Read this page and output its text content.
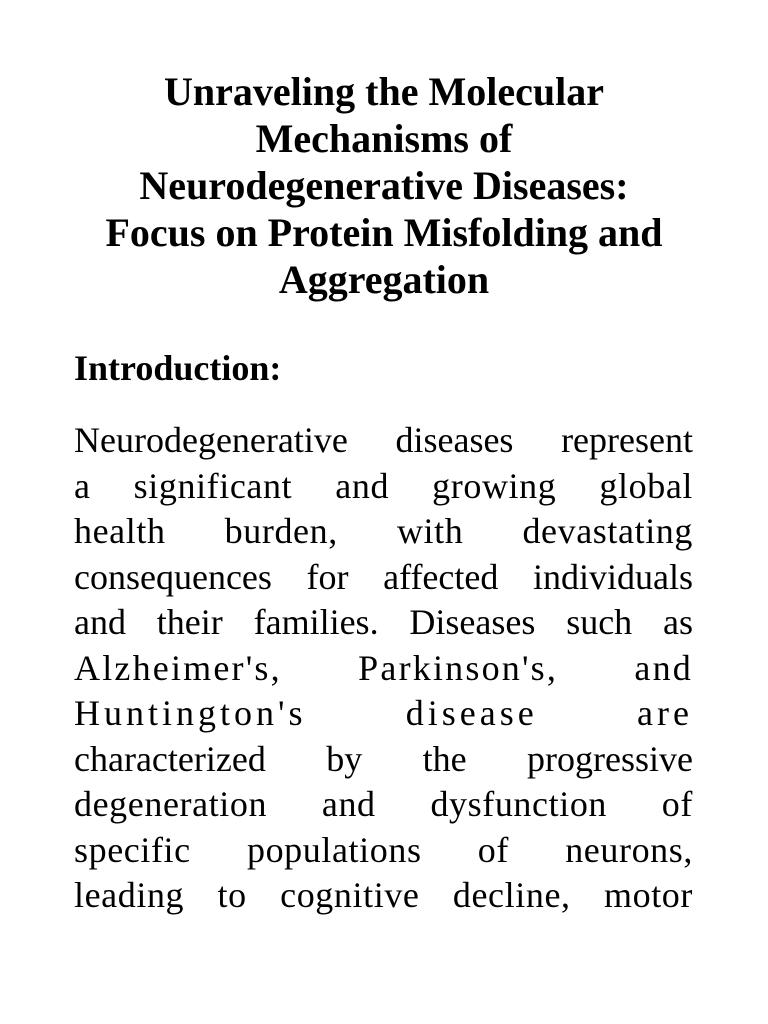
Unraveling the Molecular
Mechanisms of
Neurodegenerative Diseases:
Focus on Protein Misfolding and
Aggregation
Introduction:

Neurodegenerative diseases represent
a significant and growing global
health burden, with devastating
consequences for affected individuals
and their families. Diseases such as
Alzheimer's, Parkinson's, and
Huntington's disease are
characterized by the progressive
degeneration and dysfunction of
specific populations of neurons,
leading to cognitive decline, motor
